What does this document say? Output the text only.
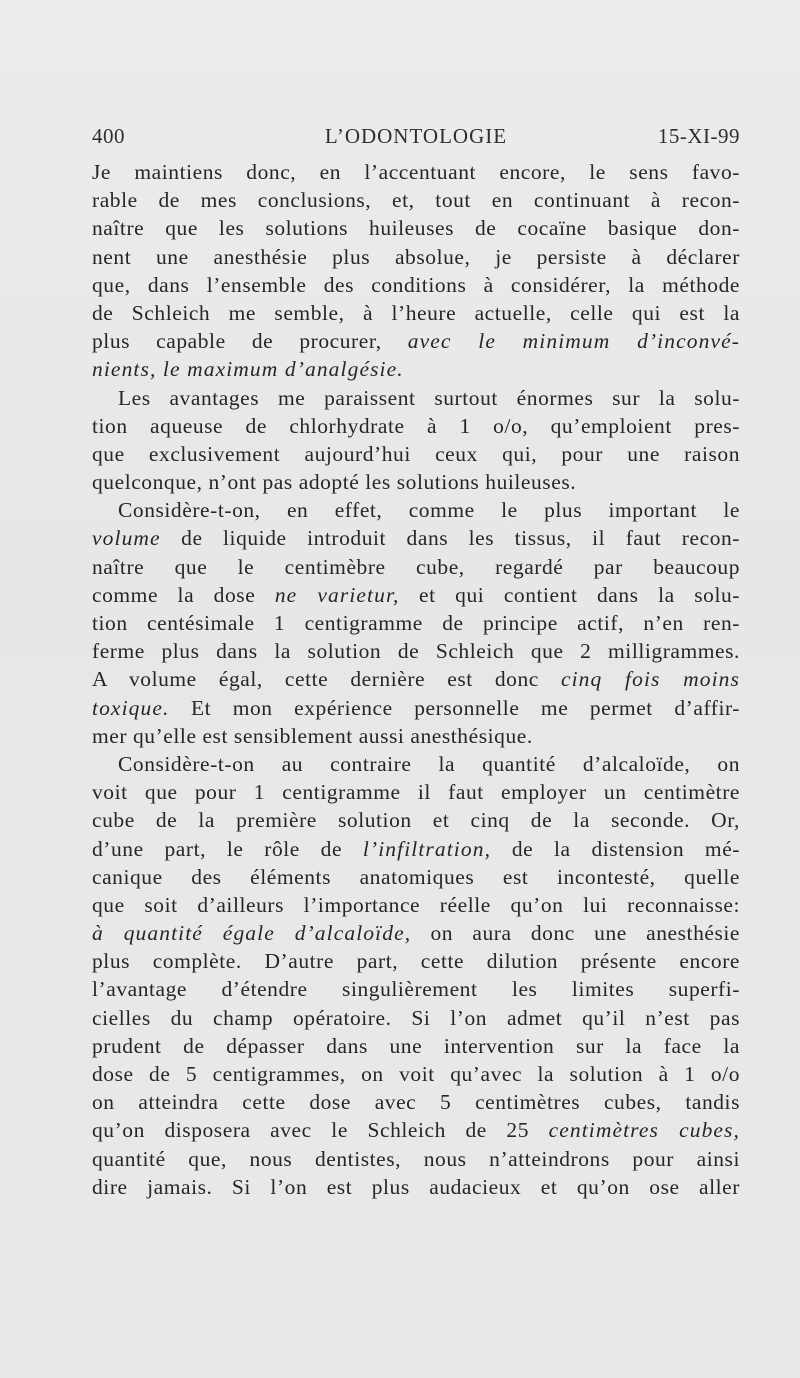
400	L’ODONTOLOGIE	15-XI-99
Je maintiens donc, en l’accentuant encore, le sens favo-
rable de mes conclusions, et, tout en continuant à recon-
naître que les solutions huileuses de cocaïne basique don-
nent une anesthésie plus absolue, je persiste à déclarer
que, dans l’ensemble des conditions à considérer, la méthode
de Schleich me semble, à l’heure actuelle, celle qui est la
plus capable de procurer, avec le minimum d’inconvé-
nients, le maximum d’analgésie.
Les avantages me paraissent surtout énormes sur la solu-
tion aqueuse de chlorhydrate à 1 o/o, qu’emploient pres-
que exclusivement aujourd’hui ceux qui, pour une raison
quelconque, n’ont pas adopté les solutions huileuses.
Considère-t-on, en effet, comme le plus important le
volume de liquide introduit dans les tissus, il faut recon-
naître que le centimèbre cube, regardé par beaucoup
comme la dose ne varietur, et qui contient dans la solu-
tion centésimale 1 centigramme de principe actif, n’en ren-
ferme plus dans la solution de Schleich que 2 milligrammes.
A volume égal, cette dernière est donc cinq fois moins
toxique. Et mon expérience personnelle me permet d’affir-
mer qu’elle est sensiblement aussi anesthésique.
Considère-t-on au contraire la quantité d’alcaloïde, on
voit que pour 1 centigramme il faut employer un centimètre
cube de la première solution et cinq de la seconde. Or,
d’une part, le rôle de l’infiltration, de la distension mé-
canique des éléments anatomiques est incontesté, quelle
que soit d’ailleurs l’importance réelle qu’on lui reconnaisse:
à quantité égale d’alcaloïde, on aura donc une anesthésie
plus complète. D’autre part, cette dilution présente encore
l’avantage d’étendre singulièrement les limites superfi-
cielles du champ opératoire. Si l’on admet qu’il n’est pas
prudent de dépasser dans une intervention sur la face la
dose de 5 centigrammes, on voit qu’avec la solution à 1 o/o
on atteindra cette dose avec 5 centimètres cubes, tandis
qu’on disposera avec le Schleich de 25 centimètres cubes,
quantité que, nous dentistes, nous n’atteindrons pour ainsi
dire jamais. Si l’on est plus audacieux et qu’on ose aller
